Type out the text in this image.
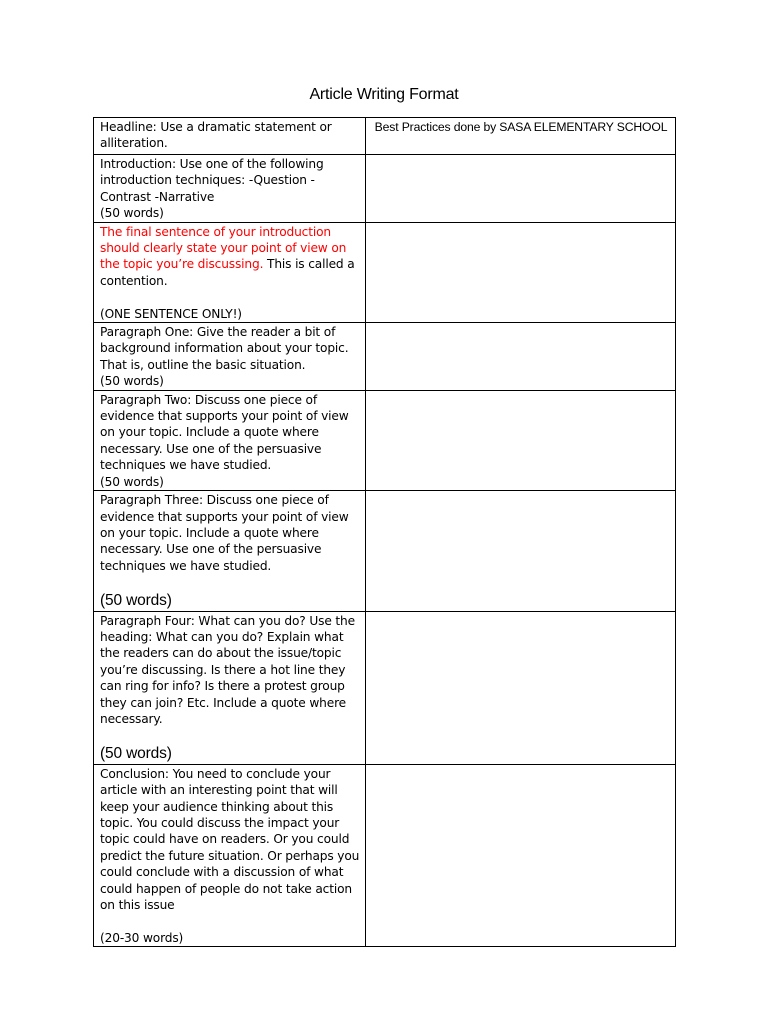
Article Writing Format
Headline: Use a dramatic statement or alliteration.	Best Practices done by SASA ELEMENTARY SCHOOL

Introduction: Use one of the following introduction techniques: -Question -Contrast -Narrative
(50 words)	

The final sentence of your introduction should clearly state your point of view on the topic you’re discussing. This is called a contention.
(ONE SENTENCE ONLY!)	

Paragraph One: Give the reader a bit of background information about your topic. That is, outline the basic situation.
(50 words)	

Paragraph Two: Discuss one piece of evidence that supports your point of view on your topic. Include a quote where necessary. Use one of the persuasive techniques we have studied.
(50 words)	

Paragraph Three: Discuss one piece of evidence that supports your point of view on your topic. Include a quote where necessary. Use one of the persuasive techniques we have studied.
(50 words)	

Paragraph Four: What can you do? Use the heading: What can you do? Explain what the readers can do about the issue/topic you’re discussing. Is there a hot line they can ring for info? Is there a protest group they can join? Etc. Include a quote where necessary.
(50 words)	

Conclusion: You need to conclude your article with an interesting point that will keep your audience thinking about this topic. You could discuss the impact your topic could have on readers. Or you could predict the future situation. Or perhaps you could conclude with a discussion of what could happen of people do not take action on this issue
(20-30 words)	
